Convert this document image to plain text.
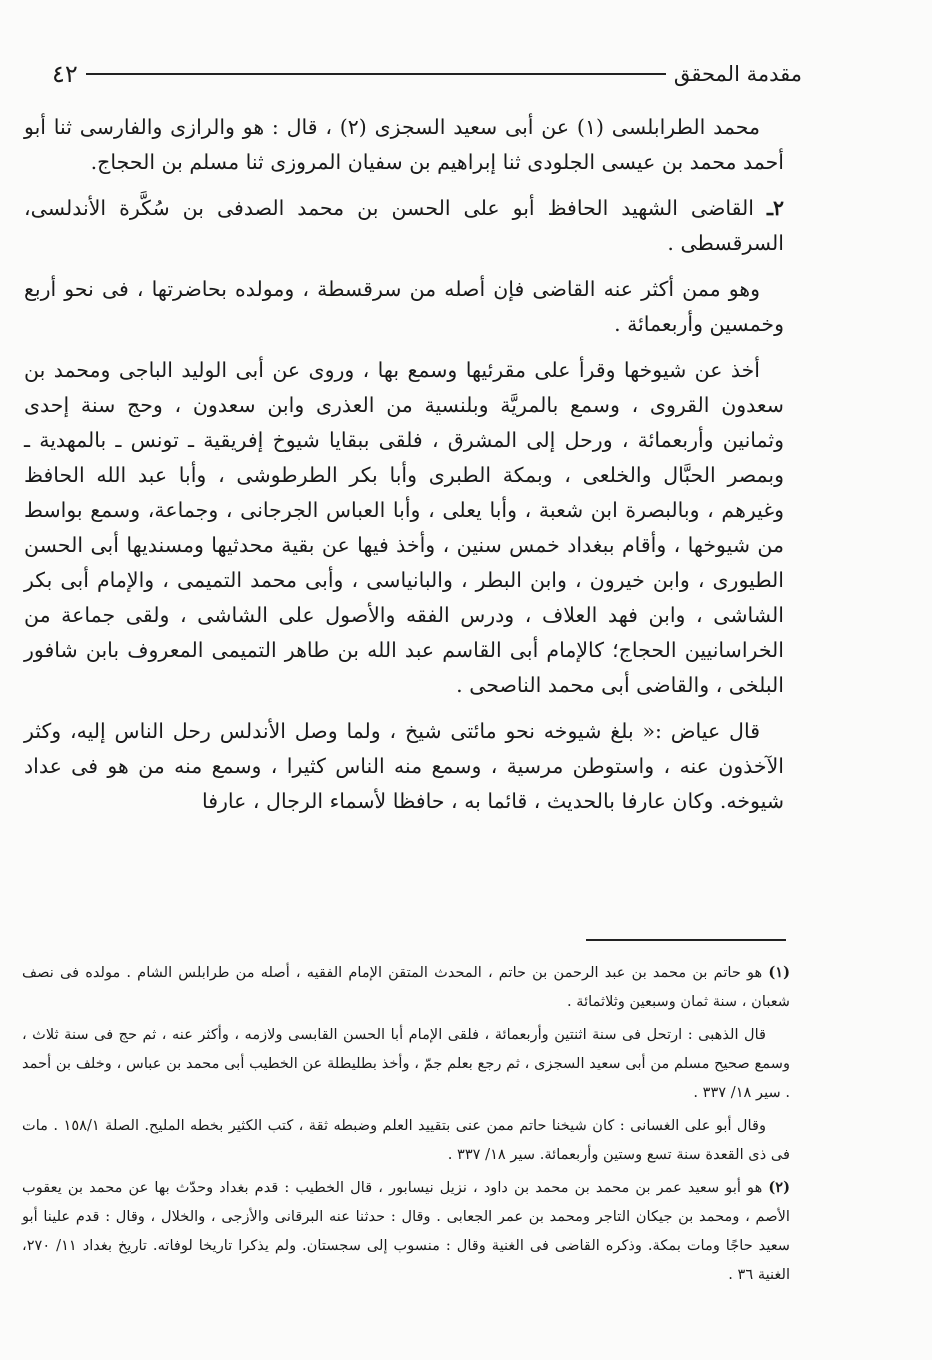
مقدمة المحقق
٤٢

محمد الطرابلسى (١) عن أبى سعيد السجزى (٢) ، قال : هو والرازى والفارسى ثنا أبو أحمد محمد بن عيسى الجلودى ثنا إبراهيم بن سفيان المروزى ثنا مسلم بن الحجاج.

٢ـ القاضى الشهيد الحافظ أبو على الحسن بن محمد الصدفى بن سُكَّرة الأندلسى، السرقسطى .

وهو ممن أكثر عنه القاضى فإن أصله من سرقسطة ، ومولده بحاضرتها ، فى نحو أربع وخمسين وأربعمائة .

أخذ عن شيوخها وقرأ على مقرئيها وسمع بها ، وروى عن أبى الوليد الباجى ومحمد بن سعدون القروى ، وسمع بالمريَّة وبلنسية من العذرى وابن سعدون ، وحج سنة إحدى وثمانين وأربعمائة ، ورحل إلى المشرق ، فلقى ببقايا شيوخ إفريقية ـ تونس ـ بالمهدية ـ وبمصر الحبَّال والخلعى ، وبمكة الطبرى وأبا بكر الطرطوشى ، وأبا عبد الله الحافظ وغيرهم ، وبالبصرة ابن شعبة ، وأبا يعلى ، وأبا العباس الجرجانى ، وجماعة، وسمع بواسط من شيوخها ، وأقام ببغداد خمس سنين ، وأخذ فيها عن بقية محدثيها ومسنديها أبى الحسن الطيورى ، وابن خيرون ، وابن البطر ، والبانياسى ، وأبى محمد التميمى ، والإمام أبى بكر الشاشى ، وابن فهد العلاف ، ودرس الفقه والأصول على الشاشى ، ولقى جماعة من الخراسانيين الحجاج؛ كالإمام أبى القاسم عبد الله بن طاهر التميمى المعروف بابن شافور البلخى ، والقاضى أبى محمد الناصحى .

قال عياض :« بلغ شيوخه نحو مائتى شيخ ، ولما وصل الأندلس رحل الناس إليه، وكثر الآخذون عنه ، واستوطن مرسية ، وسمع منه الناس كثيرا ، وسمع منه من هو فى عداد شيوخه. وكان عارفا بالحديث ، قائما به ، حافظا لأسماء الرجال ، عارفا

(١) هو حاتم بن محمد بن عبد الرحمن بن حاتم ، المحدث المتقن الإمام الفقيه ، أصله من طرابلس الشام . مولده فى نصف شعبان ، سنة ثمان وسبعين وثلاثمائة .

قال الذهبى : ارتحل فى سنة اثنتين وأربعمائة ، فلقى الإمام أبا الحسن القابسى ولازمه ، وأكثر عنه ، ثم حج فى سنة ثلاث ، وسمع صحيح مسلم من أبى سعيد السجزى ، ثم رجع بعلم جمّ ، وأخذ بطليطلة عن الخطيب أبى محمد بن عباس ، وخلف بن أحمد . سير ١٨/ ٣٣٧ .

وقال أبو على الغسانى : كان شيخنا حاتم ممن عنى بتقييد العلم وضبطه ثقة ، كتب الكثير بخطه المليح. الصلة ١٥٨/١ . مات فى ذى القعدة سنة تسع وستين وأربعمائة. سير ١٨/ ٣٣٧ .

(٢) هو أبو سعيد عمر بن محمد بن محمد بن داود ، نزيل نيسابور ، قال الخطيب : قدم بغداد وحدّث بها عن محمد بن يعقوب الأصم ، ومحمد بن جيكان التاجر ومحمد بن عمر الجعابى . وقال : حدثنا عنه البرقانى والأزجى ، والخلال ، وقال : قدم علينا أبو سعيد حاجًا ومات بمكة. وذكره القاضى فى الغنية وقال : منسوب إلى سجستان. ولم يذكرا تاريخا لوفاته. تاريخ بغداد ١١/ ٢٧٠، الغنية ٣٦ .
